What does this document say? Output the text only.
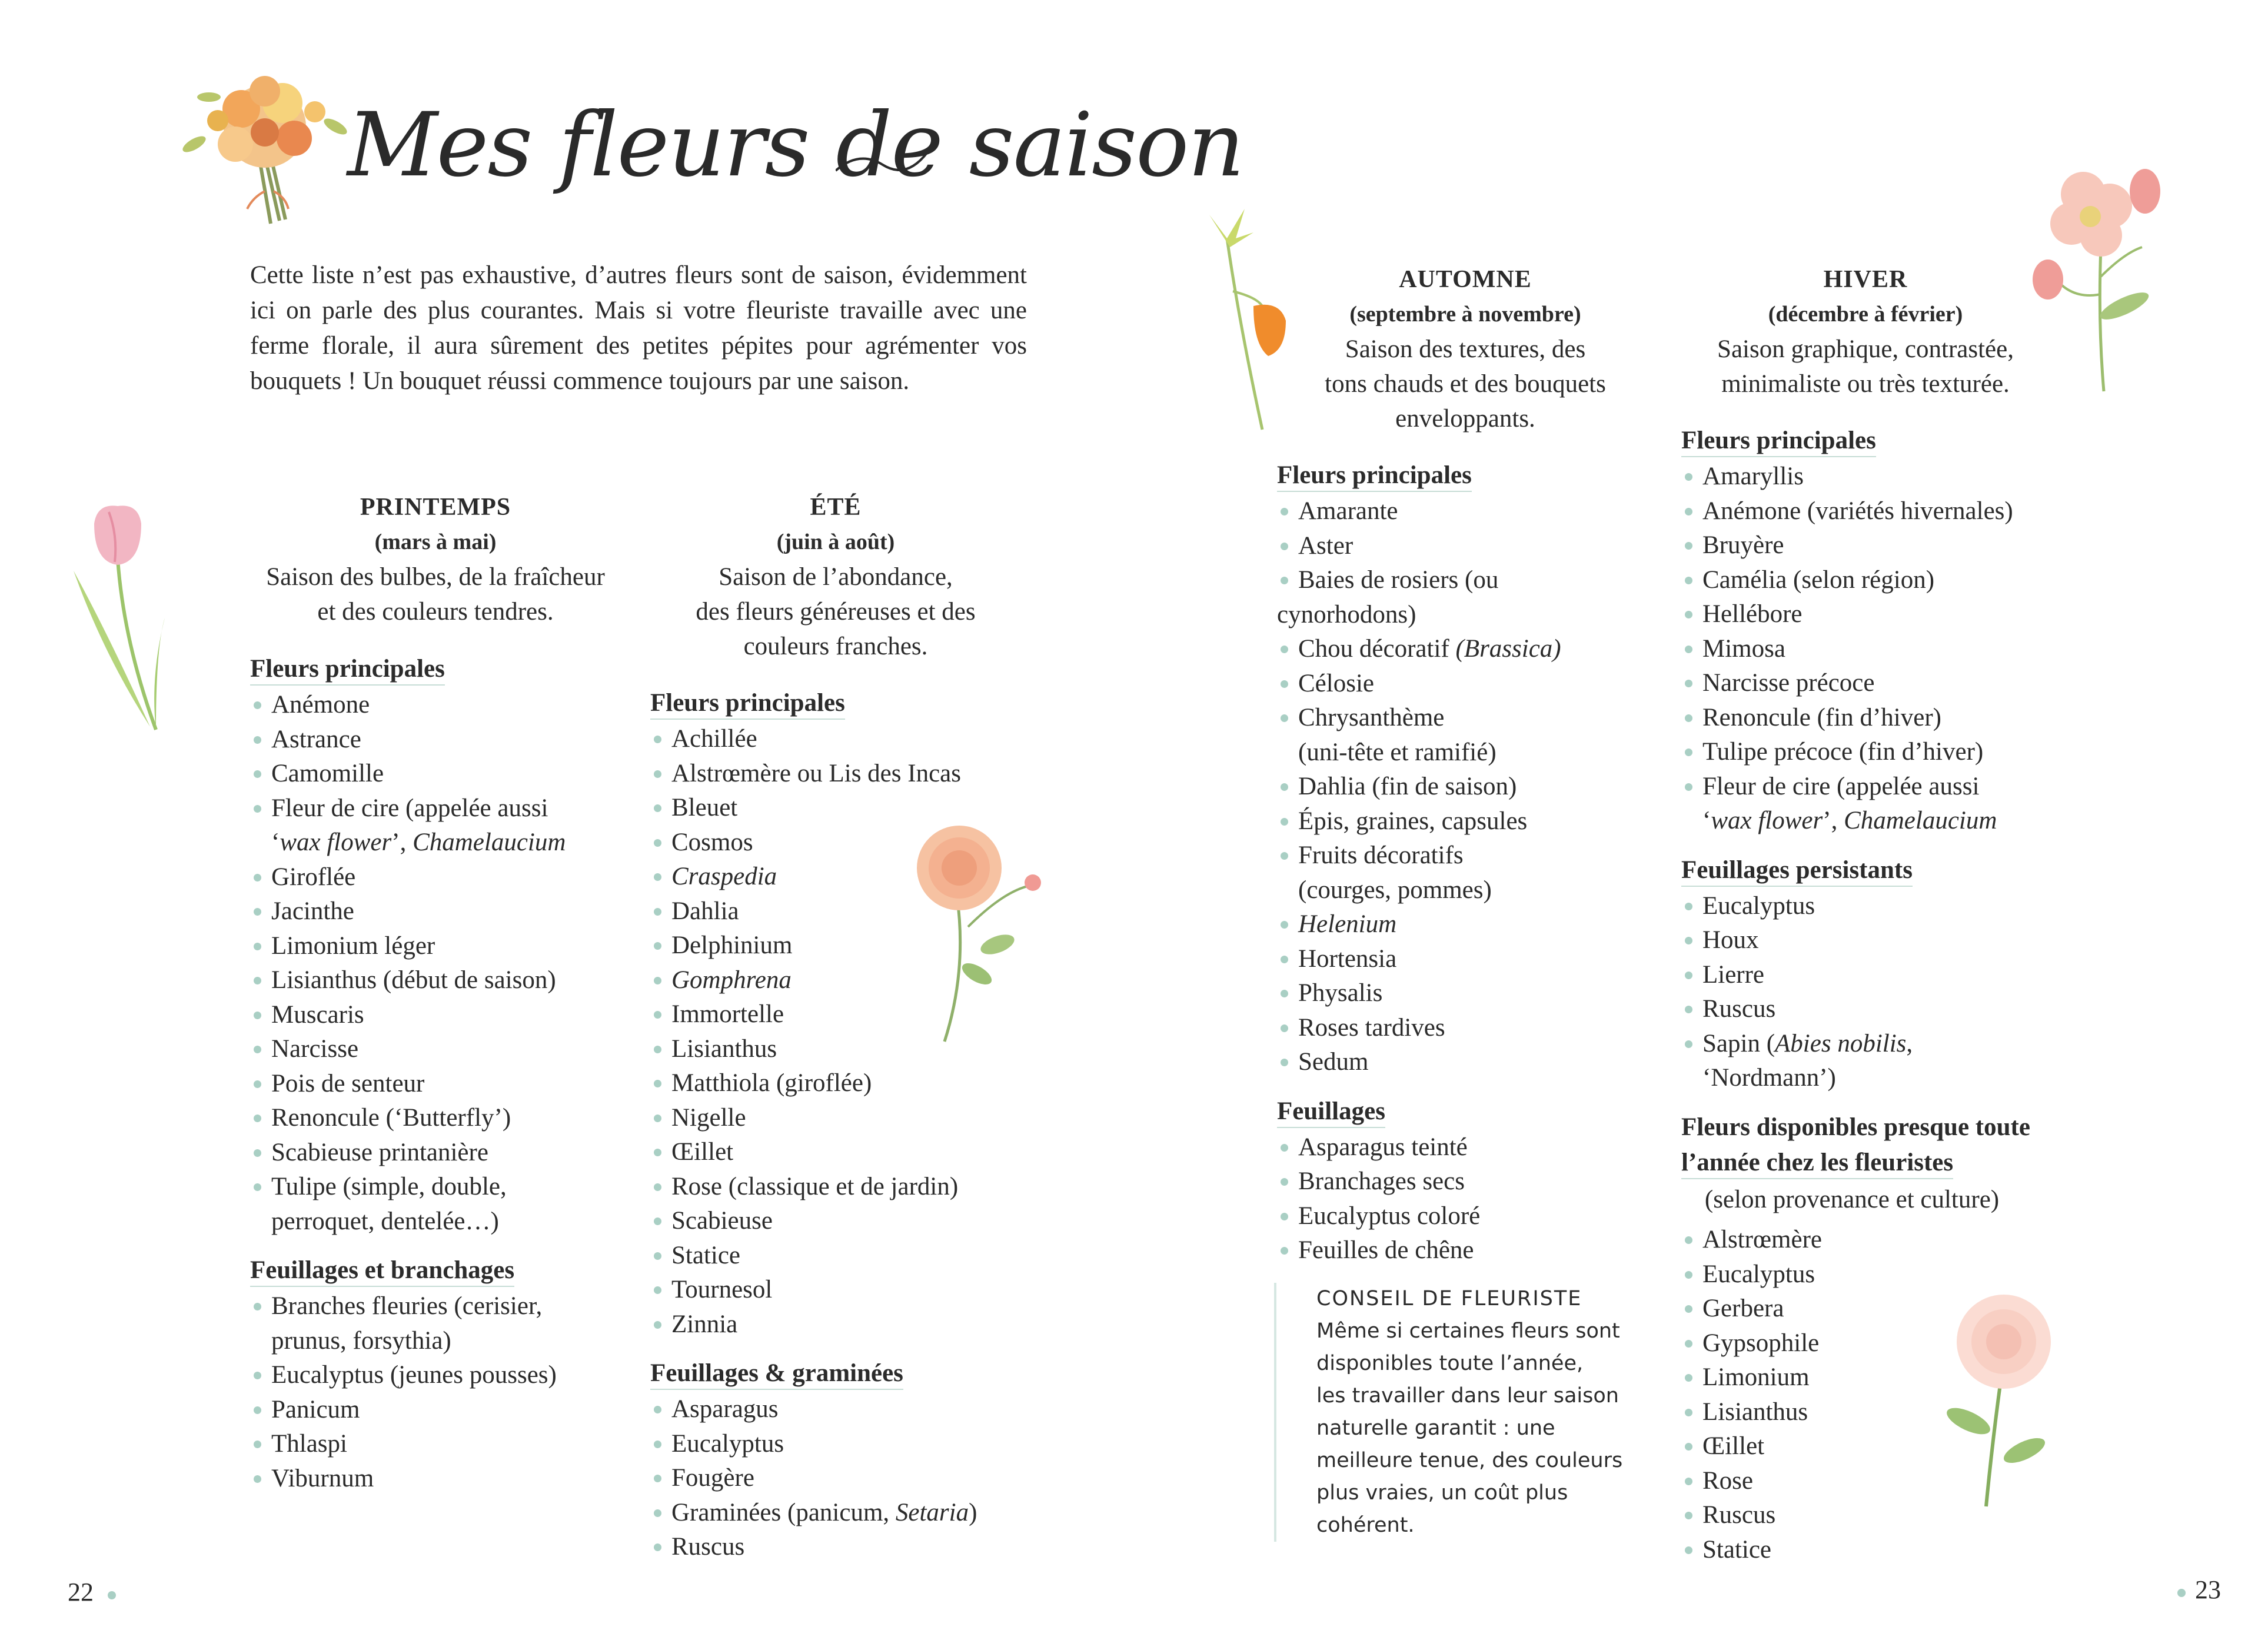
Mes fleurs de saison

Cette liste n’est pas exhaustive, d’autres fleurs sont de saison, évidemment ici on parle des plus courantes. Mais si votre fleuriste travaille avec une ferme florale, il aura sûrement des petites pépites pour agrémenter vos bouquets ! Un bouquet réussi commence toujours par une saison.

PRINTEMPS
(mars à mai)
Saison des bulbes, de la fraîcheur
et des couleurs tendres.
Fleurs principales
Anémone
Astrance
Camomille
Fleur de cire (appelée aussi
‘wax flower’, Chamelaucium
Giroflée
Jacinthe
Limonium léger
Lisianthus (début de saison)
Muscaris
Narcisse
Pois de senteur
Renoncule (‘Butterfly’)
Scabieuse printanière
Tulipe (simple, double,
perroquet, dentelée…)
Feuillages et branchages
Branches fleuries (cerisier,
prunus, forsythia)
Eucalyptus (jeunes pousses)
Panicum
Thlaspi
Viburnum
ÉTÉ
(juin à août)
Saison de l’abondance,
des fleurs généreuses et des
couleurs franches.
Fleurs principales
Achillée
Alstrœmère ou Lis des Incas
Bleuet
Cosmos
Craspedia
Dahlia
Delphinium
Gomphrena
Immortelle
Lisianthus
Matthiola (giroflée)
Nigelle
Œillet
Rose (classique et de jardin)
Scabieuse
Statice
Tournesol
Zinnia
Feuillages & graminées
Asparagus
Eucalyptus
Fougère
Graminées (panicum, Setaria)
Ruscus
AUTOMNE
(septembre à novembre)
Saison des textures, des
tons chauds et des bouquets
enveloppants.
Fleurs principales
Amarante
Aster
Baies de rosiers (ou
cynorhodons)
Chou décoratif (Brassica)
Célosie
Chrysanthème
(uni-tête et ramifié)
Dahlia (fin de saison)
Épis, graines, capsules
Fruits décoratifs
(courges, pommes)
Helenium
Hortensia
Physalis
Roses tardives
Sedum
Feuillages
Asparagus teinté
Branchages secs
Eucalyptus coloré
Feuilles de chêne
CONSEIL DE FLEURISTE
Même si certaines fleurs sont
disponibles toute l’année,
les travailler dans leur saison
naturelle garantit : une
meilleure tenue, des couleurs
plus vraies, un coût plus
cohérent.
HIVER
(décembre à février)
Saison graphique, contrastée,
minimaliste ou très texturée.
Fleurs principales
Amaryllis
Anémone (variétés hivernales)
Bruyère
Camélia (selon région)
Hellébore
Mimosa
Narcisse précoce
Renoncule (fin d’hiver)
Tulipe précoce (fin d’hiver)
Fleur de cire (appelée aussi
‘wax flower’, Chamelaucium
Feuillages persistants
Eucalyptus
Houx
Lierre
Ruscus
Sapin (Abies nobilis,
‘Nordmann’)
Fleurs disponibles presque toute
l’année chez les fleuristes
(selon provenance et culture)
Alstrœmère
Eucalyptus
Gerbera
Gypsophile
Limonium
Lisianthus
Œillet
Rose
Ruscus
Statice
22	23
